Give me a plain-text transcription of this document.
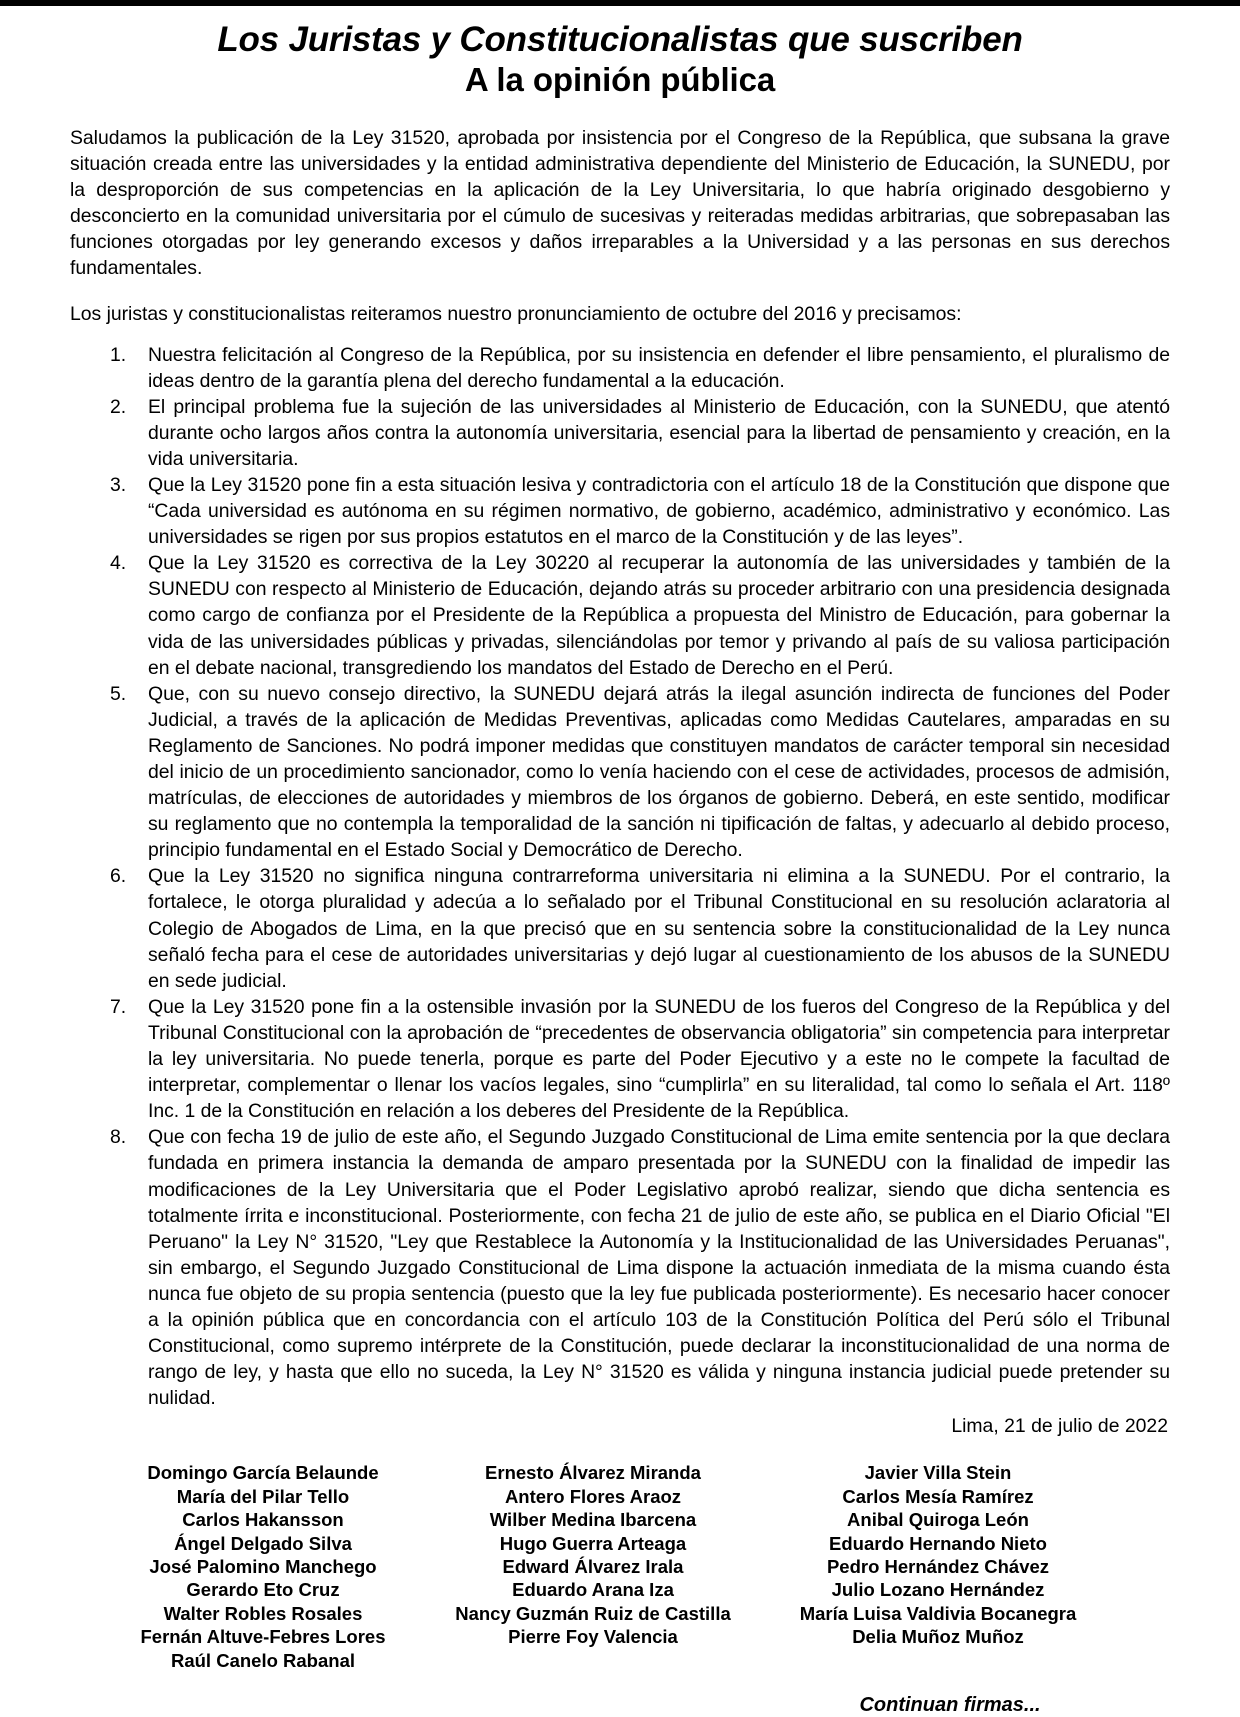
Los Juristas y Constitucionalistas que suscriben
A la opinión pública

Saludamos la publicación de la Ley 31520, aprobada por insistencia por el Congreso de la República, que subsana la grave situación creada entre las universidades y la entidad administrativa dependiente del Ministerio de Educación, la SUNEDU, por la desproporción de sus competencias en la aplicación de la Ley Universitaria, lo que habría originado desgobierno y desconcierto en la comunidad universitaria por el cúmulo de sucesivas y reiteradas medidas arbitrarias, que sobrepasaban las funciones otorgadas por ley generando excesos y daños irreparables a la Universidad y a las personas en sus derechos fundamentales.

Los juristas y constitucionalistas reiteramos nuestro pronunciamiento de octubre del 2016 y precisamos:

1.	Nuestra felicitación al Congreso de la República, por su insistencia en defender el libre pensamiento, el pluralismo de ideas dentro de la garantía plena del derecho fundamental a la educación.
2.	El principal problema fue la sujeción de las universidades al Ministerio de Educación, con la SUNEDU, que atentó durante ocho largos años contra la autonomía universitaria, esencial para la libertad de pensamiento y creación, en la vida universitaria.
3.	Que la Ley 31520 pone fin a esta situación lesiva y contradictoria con el artículo 18 de la Constitución que dispone que “Cada universidad es autónoma en su régimen normativo, de gobierno, académico, administrativo y económico. Las universidades se rigen por sus propios estatutos en el marco de la Constitución y de las leyes”.
4.	Que la Ley 31520 es correctiva de la Ley 30220 al recuperar la autonomía de las universidades y también de la SUNEDU con respecto al Ministerio de Educación, dejando atrás su proceder arbitrario con una presidencia designada como cargo de confianza por el Presidente de la República a propuesta del Ministro de Educación, para gobernar la vida de las universidades públicas y privadas, silenciándolas por temor y privando al país de su valiosa participación en el debate nacional, transgrediendo los mandatos del Estado de Derecho en el Perú.
5.	Que, con su nuevo consejo directivo, la SUNEDU dejará atrás la ilegal asunción indirecta de funciones del Poder Judicial, a través de la aplicación de Medidas Preventivas, aplicadas como Medidas Cautelares, amparadas en su Reglamento de Sanciones. No podrá imponer medidas que constituyen mandatos de carácter temporal sin necesidad del inicio de un procedimiento sancionador, como lo venía haciendo con el cese de actividades, procesos de admisión, matrículas, de elecciones de autoridades y miembros de los órganos de gobierno. Deberá, en este sentido, modificar su reglamento que no contempla la temporalidad de la sanción ni tipificación de faltas, y adecuarlo al debido proceso, principio fundamental en el Estado Social y Democrático de Derecho.
6.	Que la Ley 31520 no significa ninguna contrarreforma universitaria ni elimina a la SUNEDU. Por el contrario, la fortalece, le otorga pluralidad y adecúa a lo señalado por el Tribunal Constitucional en su resolución aclaratoria al Colegio de Abogados de Lima, en la que precisó que en su sentencia sobre la constitucionalidad de la Ley nunca señaló fecha para el cese de autoridades universitarias y dejó lugar al cuestionamiento de los abusos de la SUNEDU en sede judicial.
7.	Que la Ley 31520 pone fin a la ostensible invasión por la SUNEDU de los fueros del Congreso de la República y del Tribunal Constitucional con la aprobación de “precedentes de observancia obligatoria” sin competencia para interpretar la ley universitaria. No puede tenerla, porque es parte del Poder Ejecutivo y a este no le compete la facultad de interpretar, complementar o llenar los vacíos legales, sino “cumplirla” en su literalidad, tal como lo señala el Art. 118º Inc. 1 de la Constitución en relación a los deberes del Presidente de la República.
8.	Que con fecha 19 de julio de este año, el Segundo Juzgado Constitucional de Lima emite sentencia por la que declara fundada en primera instancia la demanda de amparo presentada por la SUNEDU con la finalidad de impedir las modificaciones de la Ley Universitaria que el Poder Legislativo aprobó realizar, siendo que dicha sentencia es totalmente írrita e inconstitucional. Posteriormente, con fecha 21 de julio de este año, se publica en el Diario Oficial "El Peruano" la Ley N° 31520, "Ley que Restablece la Autonomía y la Institucionalidad de las Universidades Peruanas", sin embargo, el Segundo Juzgado Constitucional de Lima dispone la actuación inmediata de la misma cuando ésta nunca fue objeto de su propia sentencia (puesto que la ley fue publicada posteriormente). Es necesario hacer conocer a la opinión pública que en concordancia con el artículo 103 de la Constitución Política del Perú sólo el Tribunal Constitucional, como supremo intérprete de la Constitución, puede declarar la inconstitucionalidad de una norma de rango de ley, y hasta que ello no suceda, la Ley N° 31520 es válida y ninguna instancia judicial puede pretender su nulidad.
Lima, 21 de julio de 2022
Domingo García Belaunde
María del Pilar Tello
Carlos Hakansson
Ángel Delgado Silva
José Palomino Manchego
Gerardo Eto Cruz
Walter Robles Rosales
Fernán Altuve-Febres Lores
Raúl Canelo Rabanal
Ernesto Álvarez Miranda
Antero Flores Araoz
Wilber Medina Ibarcena
Hugo Guerra Arteaga
Edward Álvarez Irala
Eduardo Arana Iza
Nancy Guzmán Ruiz de Castilla
Pierre Foy Valencia
Javier Villa Stein
Carlos Mesía Ramírez
Anibal Quiroga León
Eduardo Hernando Nieto
Pedro Hernández Chávez
Julio Lozano Hernández
María Luisa Valdivia Bocanegra
Delia Muñoz Muñoz
Continuan firmas...
